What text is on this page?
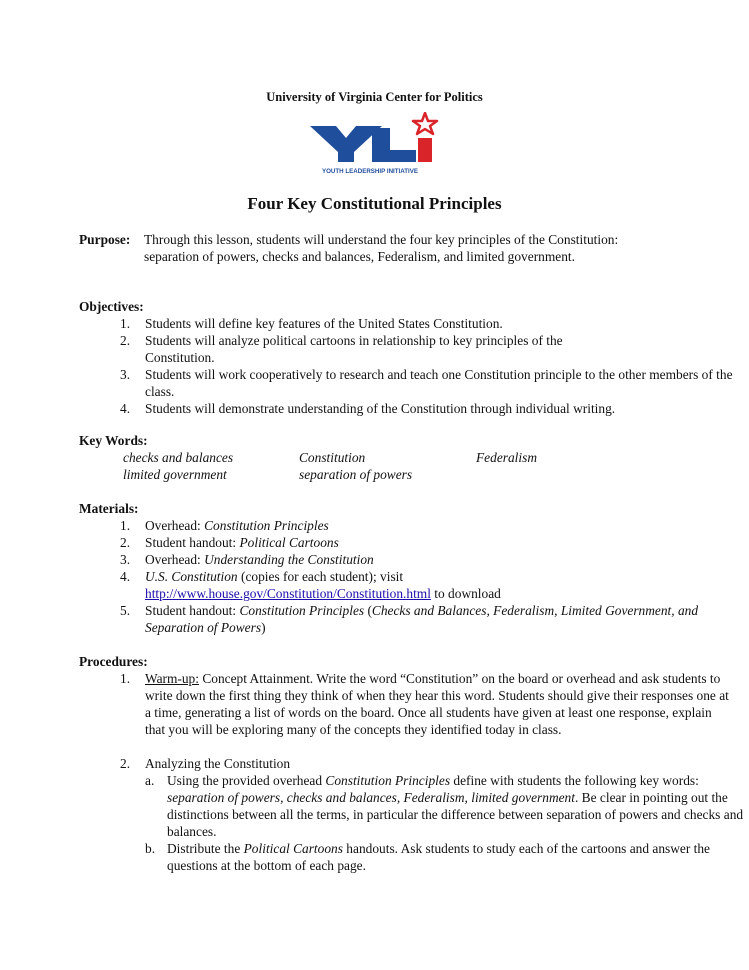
University of Virginia Center for Politics
YOUTH LEADERSHIP INITIATIVE
Four Key Constitutional Principles
Purpose: Through this lesson, students will understand the four key principles of the Constitution: separation of powers, checks and balances, Federalism, and limited government.
Objectives:
1. Students will define key features of the United States Constitution.
2. Students will analyze political cartoons in relationship to key principles of the Constitution.
3. Students will work cooperatively to research and teach one Constitution principle to the other members of the class.
4. Students will demonstrate understanding of the Constitution through individual writing.
Key Words:
checks and balances	Constitution	Federalism
limited government	separation of powers
Materials:
1. Overhead: Constitution Principles
2. Student handout: Political Cartoons
3. Overhead: Understanding the Constitution
4. U.S. Constitution (copies for each student); visit
http://www.house.gov/Constitution/Constitution.html to download
5. Student handout: Constitution Principles (Checks and Balances, Federalism, Limited Government, and Separation of Powers)
Procedures:
1. Warm-up: Concept Attainment. Write the word “Constitution” on the board or overhead and ask students to write down the first thing they think of when they hear this word. Students should give their responses one at a time, generating a list of words on the board. Once all students have given at least one response, explain that you will be exploring many of the concepts they identified today in class.
2. Analyzing the Constitution
a. Using the provided overhead Constitution Principles define with students the following key words: separation of powers, checks and balances, Federalism, limited government. Be clear in pointing out the distinctions between all the terms, in particular the difference between separation of powers and checks and balances.
b. Distribute the Political Cartoons handouts. Ask students to study each of the cartoons and answer the questions at the bottom of each page.
